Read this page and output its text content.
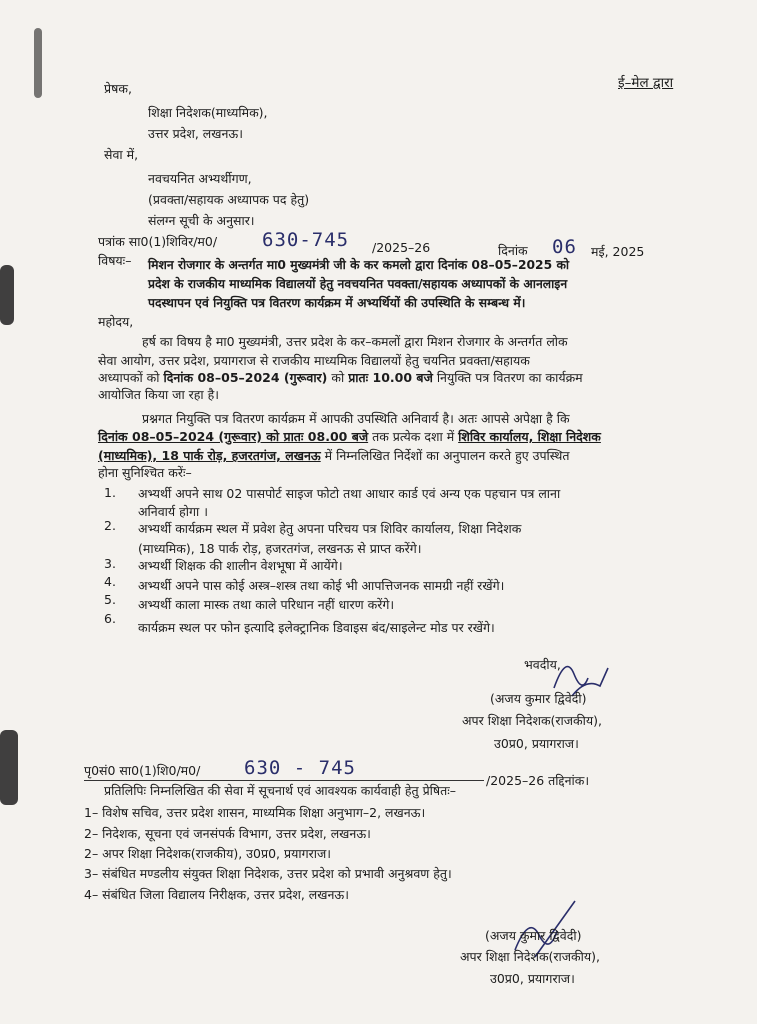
ई–मेल द्वारा
प्रेषक,
शिक्षा निदेशक(माध्यमिक),
उत्तर प्रदेश, लखनऊ।
सेवा में,
नवचयनित अभ्यर्थीगण,
(प्रवक्ता/सहायक अध्यापक पद हेतु)
संलग्न सूची के अनुसार।
पत्रांक सा0(1)शिविर/म0/ 630-745 /2025–26	दिनांक 06 मई, 2025
विषयः– मिशन रोजगार के अन्तर्गत मा0 मुख्यमंत्री जी के कर कमलो द्वारा दिनांक 08–05–2025 को
प्रदेश के राजकीय माध्यमिक विद्यालयों हेतु नवचयनित पवक्ता/सहायक अध्यापकों के आनलाइन
पदस्थापन एवं नियुक्ति पत्र वितरण कार्यक्रम में अभ्यर्थियों की उपस्थिति के सम्बन्ध में।
महोदय,
हर्ष का विषय है मा0 मुख्यमंत्री, उत्तर प्रदेश के कर–कमलों द्वारा मिशन रोजगार के अन्तर्गत लोक
सेवा आयोग, उत्तर प्रदेश, प्रयागराज से राजकीय माध्यमिक विद्यालयों हेतु चयनित प्रवक्ता/सहायक
अध्यापकों को दिनांक 08–05–2024 (गुरूवार) को प्रातः 10.00 बजे नियुक्ति पत्र वितरण का कार्यक्रम
आयोजित किया जा रहा है।
प्रश्नगत नियुक्ति पत्र वितरण कार्यक्रम में आपकी उपस्थिति अनिवार्य है। अतः आपसे अपेक्षा है कि
दिनांक 08–05–2024 (गुरूवार) को प्रातः 08.00 बजे तक प्रत्येक दशा में शिविर कार्यालय, शिक्षा निदेशक
(माध्यमिक), 18 पार्क रोड़, हजरतगंज, लखनऊ में निम्नलिखित निर्देशों का अनुपालन करते हुए उपस्थित
होना सुनिश्चित करेंः–
1. अभ्यर्थी अपने साथ 02 पासपोर्ट साइज फोटो तथा आधार कार्ड एवं अन्य एक पहचान पत्र लाना
अनिवार्य होगा ।
2. अभ्यर्थी कार्यक्रम स्थल में प्रवेश हेतु अपना परिचय पत्र शिविर कार्यालय, शिक्षा निदेशक
(माध्यमिक), 18 पार्क रोड़, हजरतगंज, लखनऊ से प्राप्त करेंगे।
3. अभ्यर्थी शिक्षक की शालीन वेशभूषा में आयेंगे।
4. अभ्यर्थी अपने पास कोई अस्त्र–शस्त्र तथा कोई भी आपत्तिजनक सामग्री नहीं रखेंगे।
5. अभ्यर्थी काला मास्क तथा काले परिधान नहीं धारण करेंगे।
6.
कार्यक्रम स्थल पर फोन इत्यादि इलेक्ट्रानिक डिवाइस बंद/साइलेन्ट मोड पर रखेंगे।
भवदीय,
(अजय कुमार द्विवेदी)
अपर शिक्षा निदेशक(राजकीय),
उ0प्र0, प्रयागराज।
पृ0सं0 सा0(1)शि0/म0/ 630 - 745
/2025–26 तद्दिनांक।
प्रतिलिपिः निम्नलिखित की सेवा में सूचनार्थ एवं आवश्यक कार्यवाही हेतु प्रेषितः–
1– विशेष सचिव, उत्तर प्रदेश शासन, माध्यमिक शिक्षा अनुभाग–2, लखनऊ।
2– निदेशक, सूचना एवं जनसंपर्क विभाग, उत्तर प्रदेश, लखनऊ।
2– अपर शिक्षा निदेशक(राजकीय), उ0प्र0, प्रयागराज।
3– संबंधित मण्डलीय संयुक्त शिक्षा निदेशक, उत्तर प्रदेश को प्रभावी अनुश्रवण हेतु।
4– संबंधित जिला विद्यालय निरीक्षक, उत्तर प्रदेश, लखनऊ।
(अजय कुमार द्विवेदी)
अपर शिक्षा निदेशक(राजकीय),
उ0प्र0, प्रयागराज।
